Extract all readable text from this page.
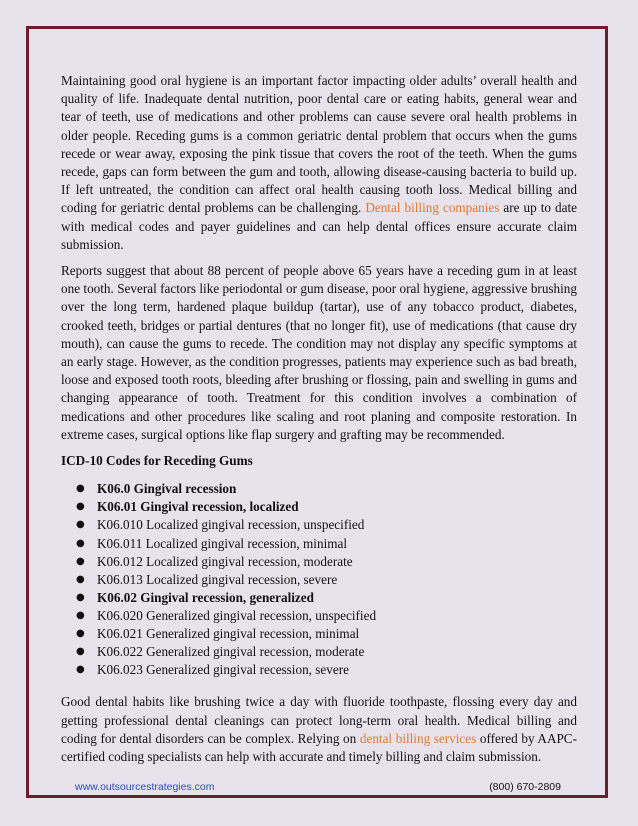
Maintaining good oral hygiene is an important factor impacting older adults’ overall health and quality of life. Inadequate dental nutrition, poor dental care or eating habits, general wear and tear of teeth, use of medications and other problems can cause severe oral health problems in older people. Receding gums is a common geriatric dental problem that occurs when the gums recede or wear away, exposing the pink tissue that covers the root of the teeth. When the gums recede, gaps can form between the gum and tooth, allowing disease-causing bacteria to build up. If left untreated, the condition can affect oral health causing tooth loss. Medical billing and coding for geriatric dental problems can be challenging. Dental billing companies are up to date with medical codes and payer guidelines and can help dental offices ensure accurate claim submission.

Reports suggest that about 88 percent of people above 65 years have a receding gum in at least one tooth. Several factors like periodontal or gum disease, poor oral hygiene, aggressive brushing over the long term, hardened plaque buildup (tartar), use of any tobacco product, diabetes, crooked teeth, bridges or partial dentures (that no longer fit), use of medications (that cause dry mouth), can cause the gums to recede. The condition may not display any specific symptoms at an early stage. However, as the condition progresses, patients may experience such as bad breath, loose and exposed tooth roots, bleeding after brushing or flossing, pain and swelling in gums and changing appearance of tooth. Treatment for this condition involves a combination of medications and other procedures like scaling and root planing and composite restoration. In extreme cases, surgical options like flap surgery and grafting may be recommended.

ICD-10 Codes for Receding Gums
● K06.0 Gingival recession
● K06.01 Gingival recession, localized
● K06.010 Localized gingival recession, unspecified
● K06.011 Localized gingival recession, minimal
● K06.012 Localized gingival recession, moderate
● K06.013 Localized gingival recession, severe
● K06.02 Gingival recession, generalized
● K06.020 Generalized gingival recession, unspecified
● K06.021 Generalized gingival recession, minimal
● K06.022 Generalized gingival recession, moderate
● K06.023 Generalized gingival recession, severe

Good dental habits like brushing twice a day with fluoride toothpaste, flossing every day and getting professional dental cleanings can protect long-term oral health. Medical billing and coding for dental disorders can be complex. Relying on dental billing services offered by AAPC-certified coding specialists can help with accurate and timely billing and claim submission.

www.outsourcestrategies.com	(800) 670-2809
